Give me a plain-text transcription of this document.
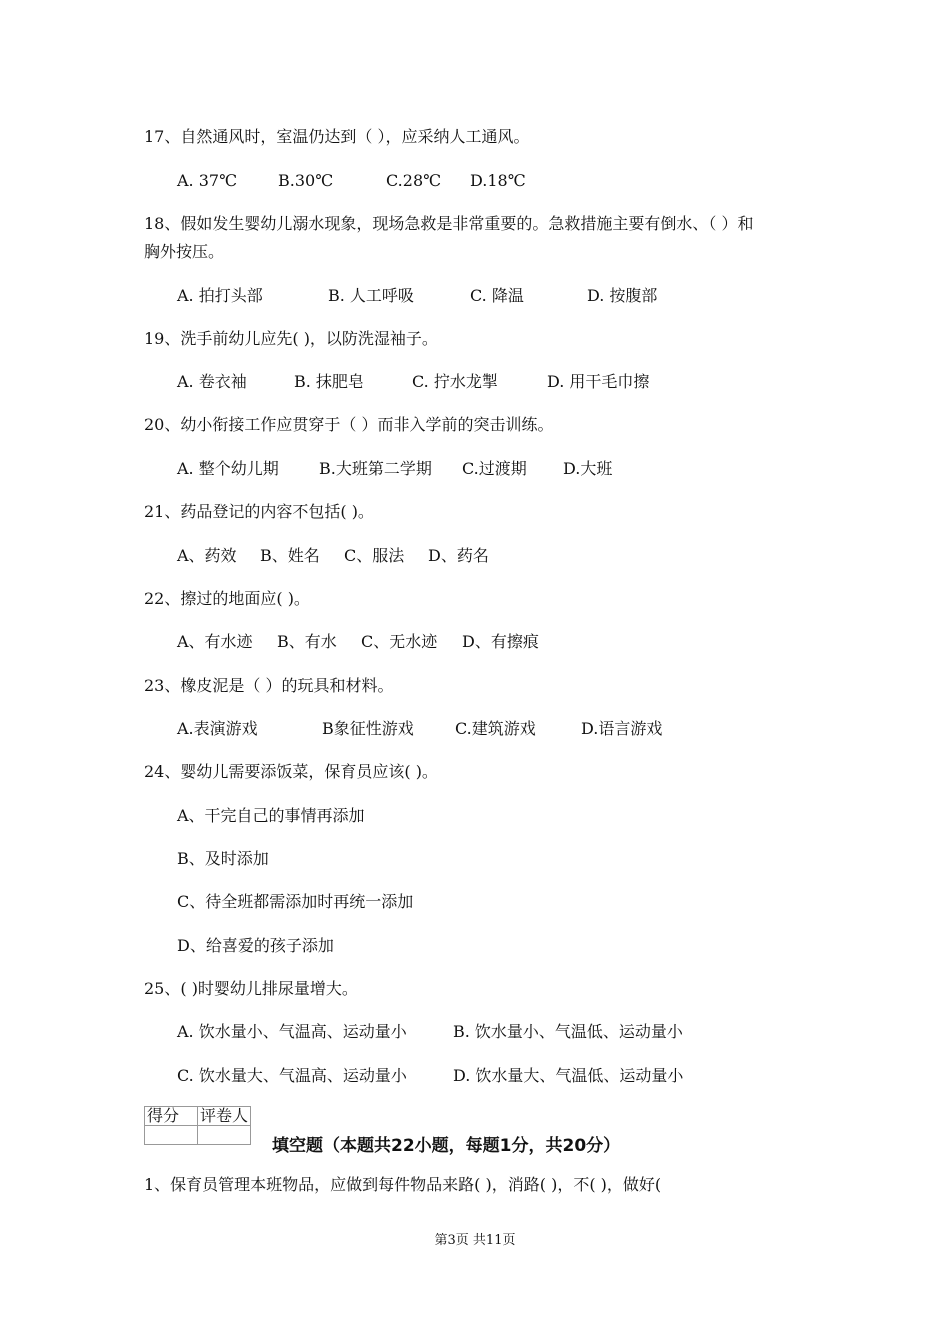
17、自然通风时，室温仍达到（ ），应采纳人工通风。
A. 37℃	B.30℃	C.28℃ D.18℃
18、假如发生婴幼儿溺水现象，现场急救是非常重要的。急救措施主要有倒水、（ ）和
胸外按压。
A. 拍打头部	B. 人工呼吸	C. 降温	D. 按腹部
19、洗手前幼儿应先( )，以防洗湿袖子。
A. 卷衣袖	B. 抹肥皂	C. 拧水龙掣	D. 用干毛巾擦
20、幼小衔接工作应贯穿于（ ）而非入学前的突击训练。
A. 整个幼儿期	B.大班第二学期 C.过渡期 D.大班
21、药品登记的内容不包括( )。
A、药效 B、姓名 C、服法 D、药名
22、擦过的地面应( )。
A、有水迹 B、有水 C、无水迹 D、有擦痕
23、橡皮泥是（ ）的玩具和材料。
A.表演游戏	B象征性游戏	C.建筑游戏	D.语言游戏
24、婴幼儿需要添饭菜，保育员应该( )。
A、干完自己的事情再添加
B、及时添加
C、待全班都需添加时再统一添加
D、给喜爱的孩子添加
25、( )时婴幼儿排尿量增大。
A. 饮水量小、气温高、运动量小	B. 饮水量小、气温低、运动量小
C. 饮水量大、气温高、运动量小	D. 饮水量大、气温低、运动量小
得分	评卷人

填空题（本题共22小题，每题1分，共20分）
1、保育员管理本班物品，应做到每件物品来路( )，消路( )，不( )，做好(
第3页 共11页
